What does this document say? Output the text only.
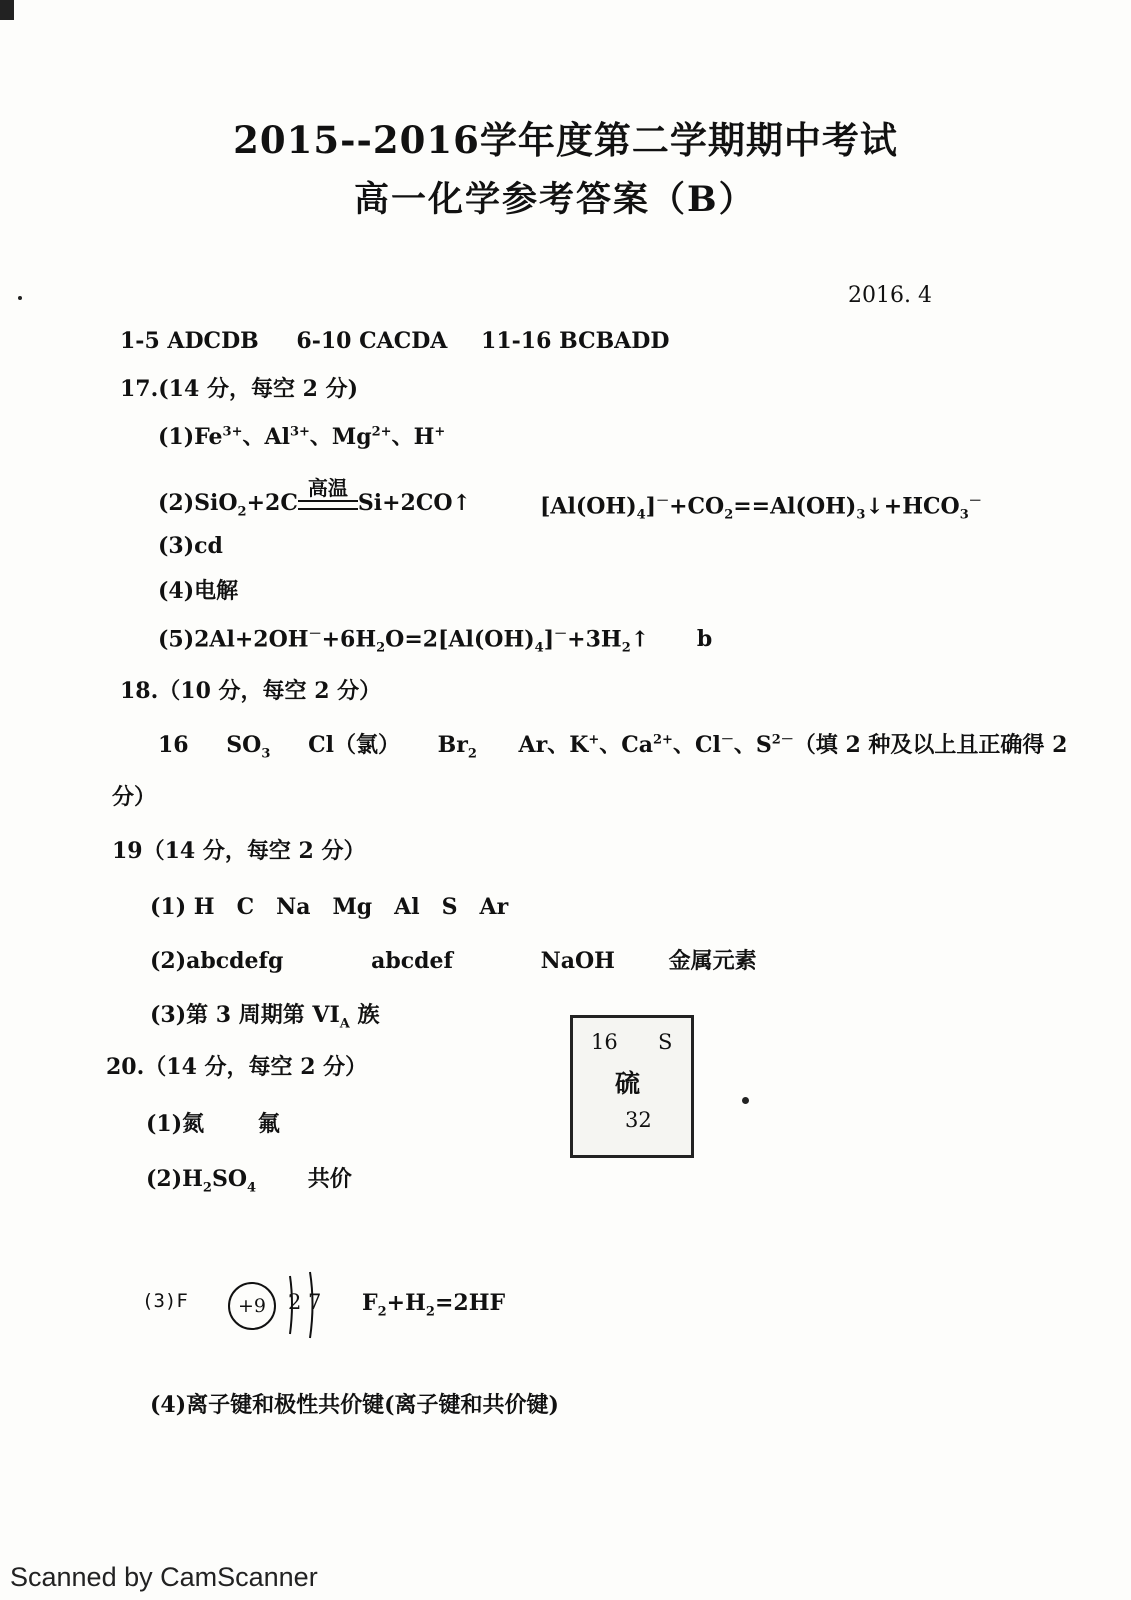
2015--2016学年度第二学期期中考试
高一化学参考答案（B）
2016. 4
1-5 ADCDB 6-10 CACDA 11-16 BCBADD
17.(14 分，每空 2 分)
$(1)Fe^{3+}$、$Al^{3+}$、$Mg^{2+}$、H+
(2)SiO$_2$+2C
高温
Si+2CO↑	$[Al(OH)_4]^-+CO_2==Al(OH)_3↓+HCO_3^-$
(3)cd
(4)电解
$(5)2Al+2OH^-+6H_2O=2[Al(OH)_4]^-+3H_2↑$ b
18.（10 分，每空 2 分）
16 $SO_3$ Cl（氯） $Br_2$ Ar、K+、$Ca^{2+}$、Cl－、$S^{2-}$（填 2 种及以上且正确得 2
分）
19（14 分，每空 2 分）
(1) H　C　Na　Mg　Al　S　Ar
(2)abcdefg	abcdef	NaOH 金属元素
(3)第 3 周期第 $VI_A$ 族
16 S
硫
32
20.（14 分，每空 2 分）
(1)氮 氟
$(2)H_2SO_4$ 共价
(3)F	+9	2 7 $F_2+H_2=2HF$
(4)离子键和极性共价键(离子键和共价键)
Scanned by CamScanner
